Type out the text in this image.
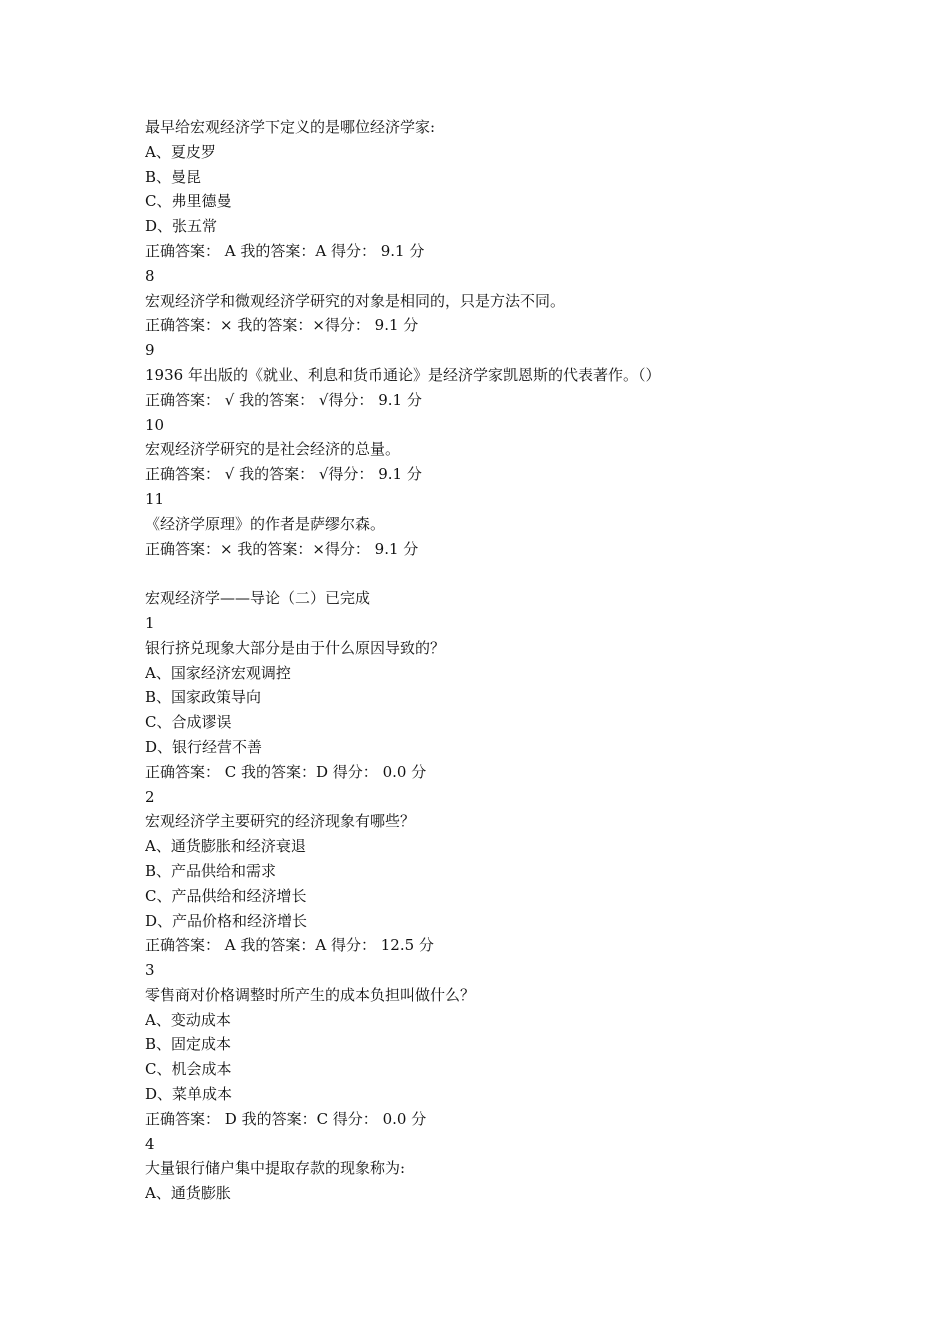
最早给宏观经济学下定义的是哪位经济学家:
A、夏皮罗
B、曼昆
C、弗里德曼
D、张五常
正确答案： A 我的答案：A 得分： 9.1 分
8
宏观经济学和微观经济学研究的对象是相同的，只是方法不同。
正确答案：× 我的答案：×得分： 9.1 分
9
1936 年出版的《就业、利息和货币通论》是经济学家凯恩斯的代表著作。（）
正确答案： √ 我的答案： √得分： 9.1 分
10
宏观经济学研究的是社会经济的总量。
正确答案： √ 我的答案： √得分： 9.1 分
11
《经济学原理》的作者是萨缪尔森。
正确答案：× 我的答案：×得分： 9.1 分
宏观经济学——导论（二）已完成
1
银行挤兑现象大部分是由于什么原因导致的？
A、国家经济宏观调控
B、国家政策导向
C、合成谬误
D、银行经营不善
正确答案： C 我的答案：D 得分： 0.0 分
2
宏观经济学主要研究的经济现象有哪些？
A、通货膨胀和经济衰退
B、产品供给和需求
C、产品供给和经济增长
D、产品价格和经济增长
正确答案： A 我的答案：A 得分： 12.5 分
3
零售商对价格调整时所产生的成本负担叫做什么？
A、变动成本
B、固定成本
C、机会成本
D、菜单成本
正确答案： D 我的答案：C 得分： 0.0 分
4
大量银行储户集中提取存款的现象称为:
A、通货膨胀
